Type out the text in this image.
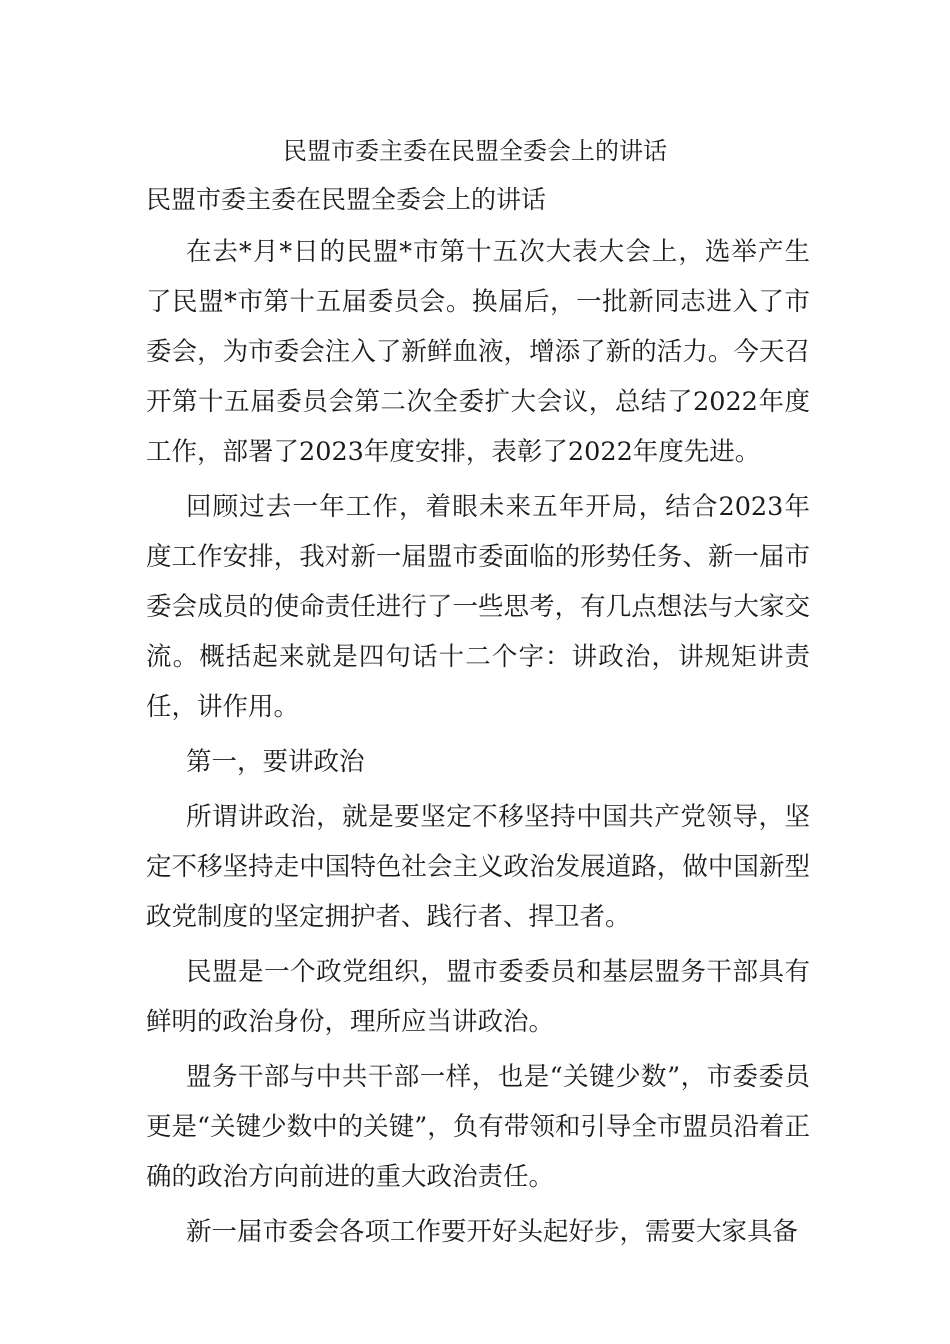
民盟市委主委在民盟全委会上的讲话
民盟市委主委在民盟全委会上的讲话

在去*月*日的民盟*市第十五次大表大会上，选举产生了民盟*市第十五届委员会。换届后，一批新同志进入了市委会，为市委会注入了新鲜血液，增添了新的活力。今天召开第十五届委员会第二次全委扩大会议，总结了2022年度工作，部署了2023年度安排，表彰了2022年度先进。

回顾过去一年工作，着眼未来五年开局，结合2023年度工作安排，我对新一届盟市委面临的形势任务、新一届市委会成员的使命责任进行了一些思考，有几点想法与大家交流。概括起来就是四句话十二个字：讲政治，讲规矩讲责任，讲作用。

第一，要讲政治

所谓讲政治，就是要坚定不移坚持中国共产党领导，坚定不移坚持走中国特色社会主义政治发展道路，做中国新型政党制度的坚定拥护者、践行者、捍卫者。

民盟是一个政党组织，盟市委委员和基层盟务干部具有鲜明的政治身份，理所应当讲政治。

盟务干部与中共干部一样，也是“关键少数”，市委委员更是“关键少数中的关键”，负有带领和引导全市盟员沿着正确的政治方向前进的重大政治责任。

新一届市委会各项工作要开好头起好步，需要大家具备
